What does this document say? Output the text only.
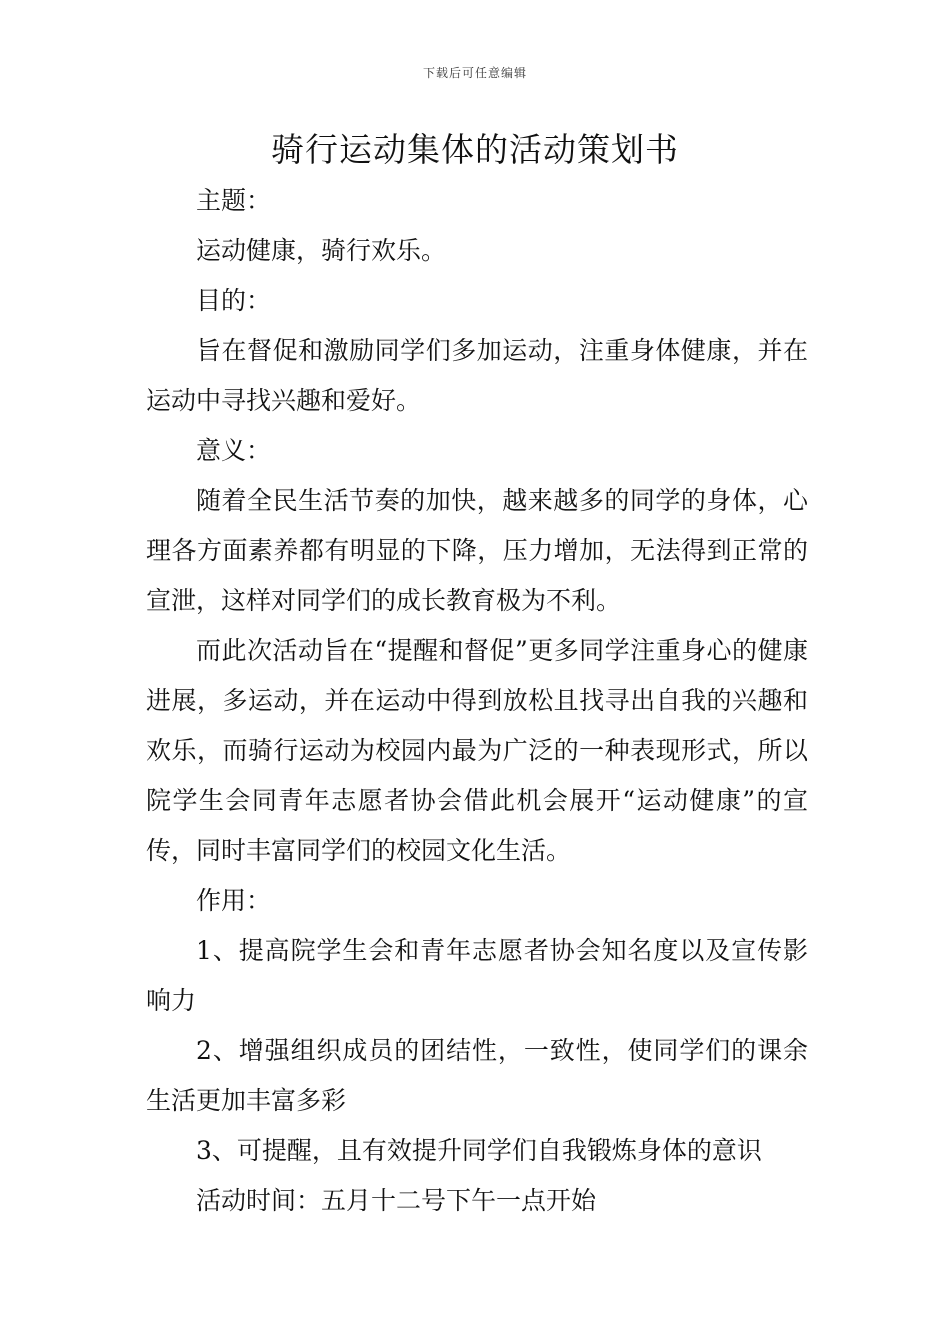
下载后可任意编辑
骑行运动集体的活动策划书

主题：

运动健康，骑行欢乐。

目的：

旨在督促和激励同学们多加运动，注重身体健康，并在运动中寻找兴趣和爱好。

意义：

随着全民生活节奏的加快，越来越多的同学的身体，心理各方面素养都有明显的下降，压力增加，无法得到正常的宣泄，这样对同学们的成长教育极为不利。

而此次活动旨在“提醒和督促”更多同学注重身心的健康进展，多运动，并在运动中得到放松且找寻出自我的兴趣和欢乐，而骑行运动为校园内最为广泛的一种表现形式，所以院学生会同青年志愿者协会借此机会展开“运动健康”的宣传，同时丰富同学们的校园文化生活。

作用：

1、提高院学生会和青年志愿者协会知名度以及宣传影响力

2、增强组织成员的团结性，一致性，使同学们的课余生活更加丰富多彩

3、可提醒，且有效提升同学们自我锻炼身体的意识

活动时间：五月十二号下午一点开始
